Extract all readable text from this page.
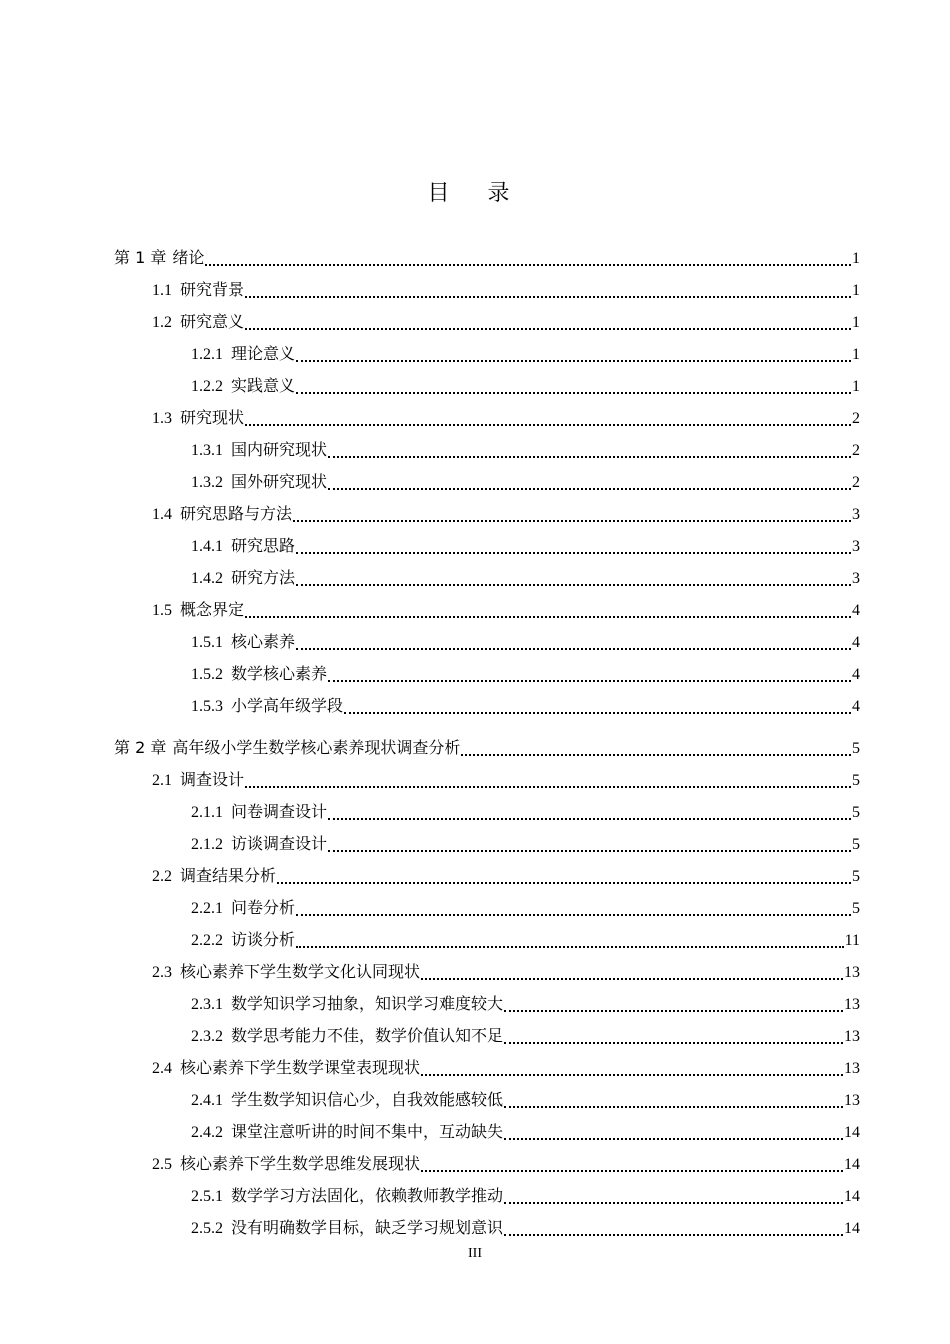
目录
第 1 章 绪论	1
1.1 研究背景	1
1.2 研究意义	1
1.2.1 理论意义	1
1.2.2 实践意义	1
1.3 研究现状	2
1.3.1 国内研究现状	2
1.3.2 国外研究现状	2
1.4 研究思路与方法	3
1.4.1 研究思路	3
1.4.2 研究方法	3
1.5 概念界定	4
1.5.1 核心素养	4
1.5.2 数学核心素养	4
1.5.3 小学高年级学段	4
第 2 章 高年级小学生数学核心素养现状调查分析	5
2.1 调查设计	5
2.1.1 问卷调查设计	5
2.1.2 访谈调查设计	5
2.2 调查结果分析	5
2.2.1 问卷分析	5
2.2.2 访谈分析	11
2.3 核心素养下学生数学文化认同现状	13
2.3.1 数学知识学习抽象，知识学习难度较大	13
2.3.2 数学思考能力不佳，数学价值认知不足	13
2.4 核心素养下学生数学课堂表现现状	13
2.4.1 学生数学知识信心少，自我效能感较低	13
2.4.2 课堂注意听讲的时间不集中，互动缺失	14
2.5 核心素养下学生数学思维发展现状	14
2.5.1 数学学习方法固化，依赖教师教学推动	14
2.5.2 没有明确数学目标，缺乏学习规划意识	14
III
